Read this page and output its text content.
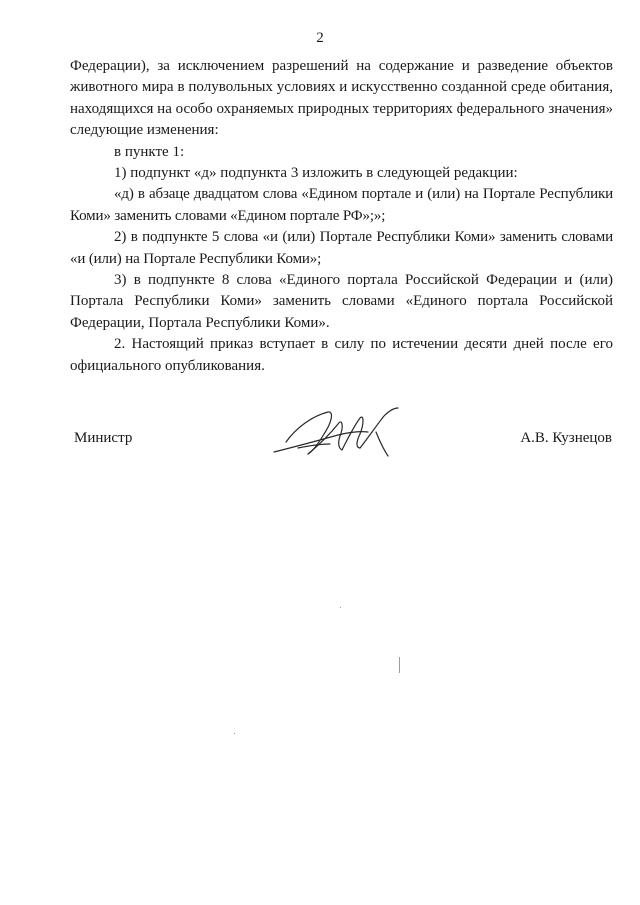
2

Федерации), за исключением разрешений на содержание и разведение объектов животного мира в полувольных условиях и искусственно созданной среде обитания, находящихся на особо охраняемых природных территориях федерального значения» следующие изменения:

в пункте 1:

1) подпункт «д» подпункта 3 изложить в следующей редакции:

«д) в абзаце двадцатом слова «Едином портале и (или) на Портале Республики Коми» заменить словами «Едином портале РФ»;»;

2) в подпункте 5 слова «и (или) Портале Республики Коми» заменить словами «и (или) на Портале Республики Коми»;

3) в подпункте 8 слова «Единого портала Российской Федерации и (или) Портала Республики Коми» заменить словами «Единого портала Российской Федерации, Портала Республики Коми».

2. Настоящий приказ вступает в силу по истечении десяти дней после его официального опубликования.

Министр	А.В. Кузнецов
